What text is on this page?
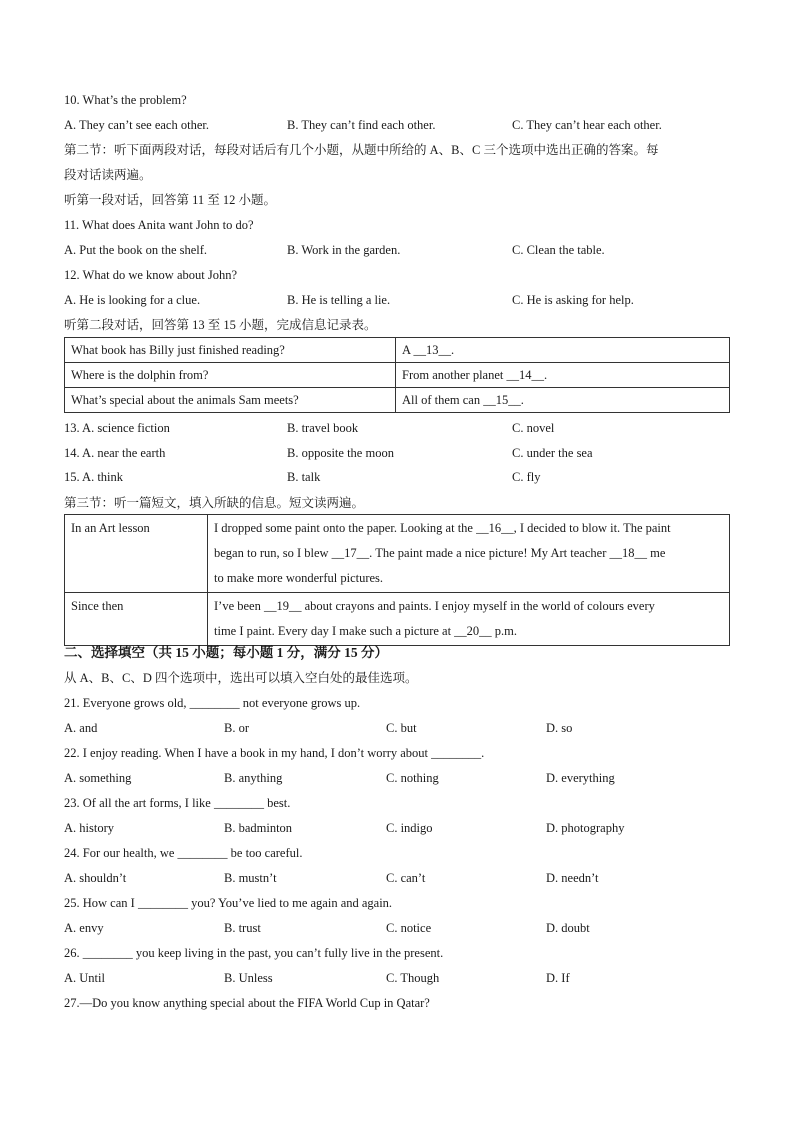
10. What’s the problem?
A. They can’t see each other.	B. They can’t find each other.	C. They can’t hear each other.
第二节：听下面两段对话，每段对话后有几个小题，从题中所给的 A、B、C 三个选项中选出正确的答案。每
段对话读两遍。
听第一段对话，回答第 11 至 12 小题。
11. What does Anita want John to do?
A. Put the book on the shelf.	B. Work in the garden.	C. Clean the table.
12. What do we know about John?
A. He is looking for a clue.	B. He is telling a lie.	C. He is asking for help.
听第二段对话，回答第 13 至 15 小题，完成信息记录表。
What book has Billy just finished reading?	A __13__.
Where is the dolphin from?	From another planet __14__.
What’s special about the animals Sam meets?	All of them can __15__.
13. A. science fiction	B. travel book	C. novel
14. A. near the earth	B. opposite the moon	C. under the sea
15. A. think	B. talk	C. fly
第三节：听一篇短文，填入所缺的信息。短文读两遍。
In an Art lesson	I dropped some paint onto the paper. Looking at the __16__, I decided to blow it. The paint
began to run, so I blew __17__. The paint made a nice picture! My Art teacher __18__ me
to make more wonderful pictures.

Since then	I’ve been __19__ about crayons and paints. I enjoy myself in the world of colours every
time I paint. Every day I make such a picture at __20__ p.m.
二、选择填空（共 15 小题；每小题 1 分，满分 15 分）
从 A、B、C、D 四个选项中，选出可以填入空白处的最佳选项。
21. Everyone grows old, ________ not everyone grows up.
A. and	B. or	C. but	D. so
22. I enjoy reading. When I have a book in my hand, I don’t worry about ________.
A. something	B. anything	C. nothing	D. everything
23. Of all the art forms, I like ________ best.
A. history	B. badminton	C. indigo	D. photography
24. For our health, we ________ be too careful.
A. shouldn’t	B. mustn’t	C. can’t	D. needn’t
25. How can I ________ you? You’ve lied to me again and again.
A. envy	B. trust	C. notice	D. doubt
26. ________ you keep living in the past, you can’t fully live in the present.
A. Until	B. Unless	C. Though	D. If
27.—Do you know anything special about the FIFA World Cup in Qatar?
